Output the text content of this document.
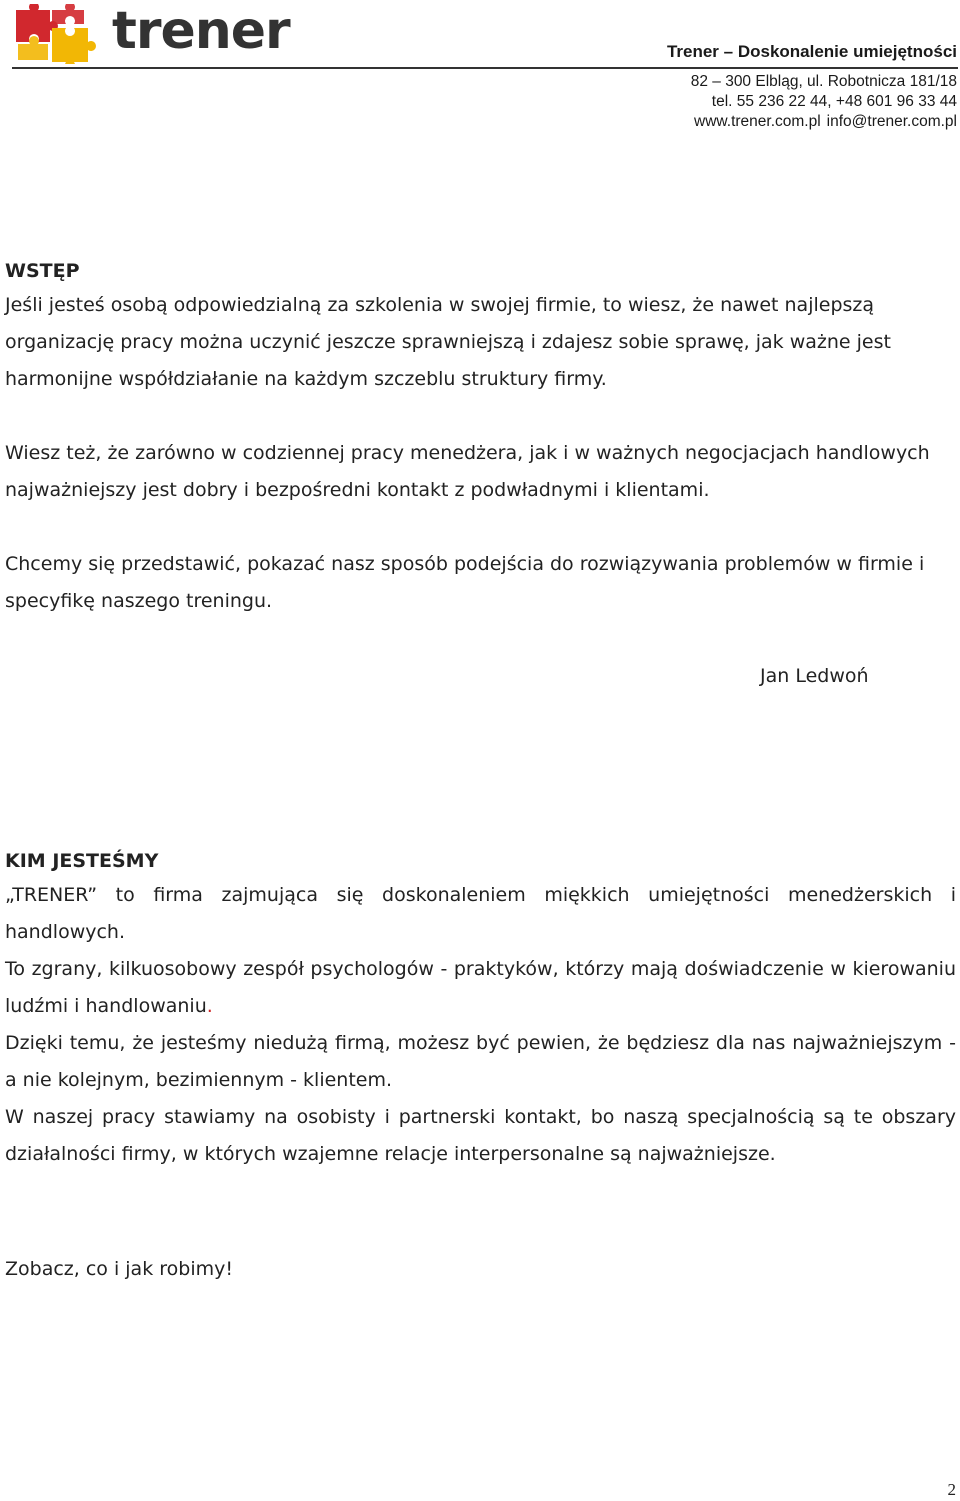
trener	Trener – Doskonalenie umiejętności
82 – 300 Elbląg, ul. Robotnicza 181/18
tel. 55 236 22 44, +48 601 96 33 44
www.trener.com.pl info@trener.com.pl
WSTĘP

Jeśli jesteś osobą odpowiedzialną za szkolenia w swojej firmie, to wiesz, że nawet najlepszą organizację pracy można uczynić jeszcze sprawniejszą i zdajesz sobie sprawę, jak ważne jest harmonijne współdziałanie na każdym szczeblu struktury firmy.

Wiesz też, że zarówno w codziennej pracy menedżera, jak i w ważnych negocjacjach handlowych najważniejszy jest dobry i bezpośredni kontakt z podwładnymi i klientami.

Chcemy się przedstawić, pokazać nasz sposób podejścia do rozwiązywania problemów w firmie i specyfikę naszego treningu.

Jan Ledwoń
KIM JESTEŚMY

„TRENER” to firma zajmująca się doskonaleniem miękkich umiejętności menedżerskich i handlowych.

To zgrany, kilkuosobowy zespół psychologów - praktyków, którzy mają doświadczenie w kierowaniu ludźmi i handlowaniu.

Dzięki temu, że jesteśmy niedużą firmą, możesz być pewien, że będziesz dla nas najważniejszym - a nie kolejnym, bezimiennym - klientem.

W naszej pracy stawiamy na osobisty i partnerski kontakt, bo naszą specjalnością są te obszary działalności firmy, w których wzajemne relacje interpersonalne są najważniejsze.

Zobacz, co i jak robimy!
2
